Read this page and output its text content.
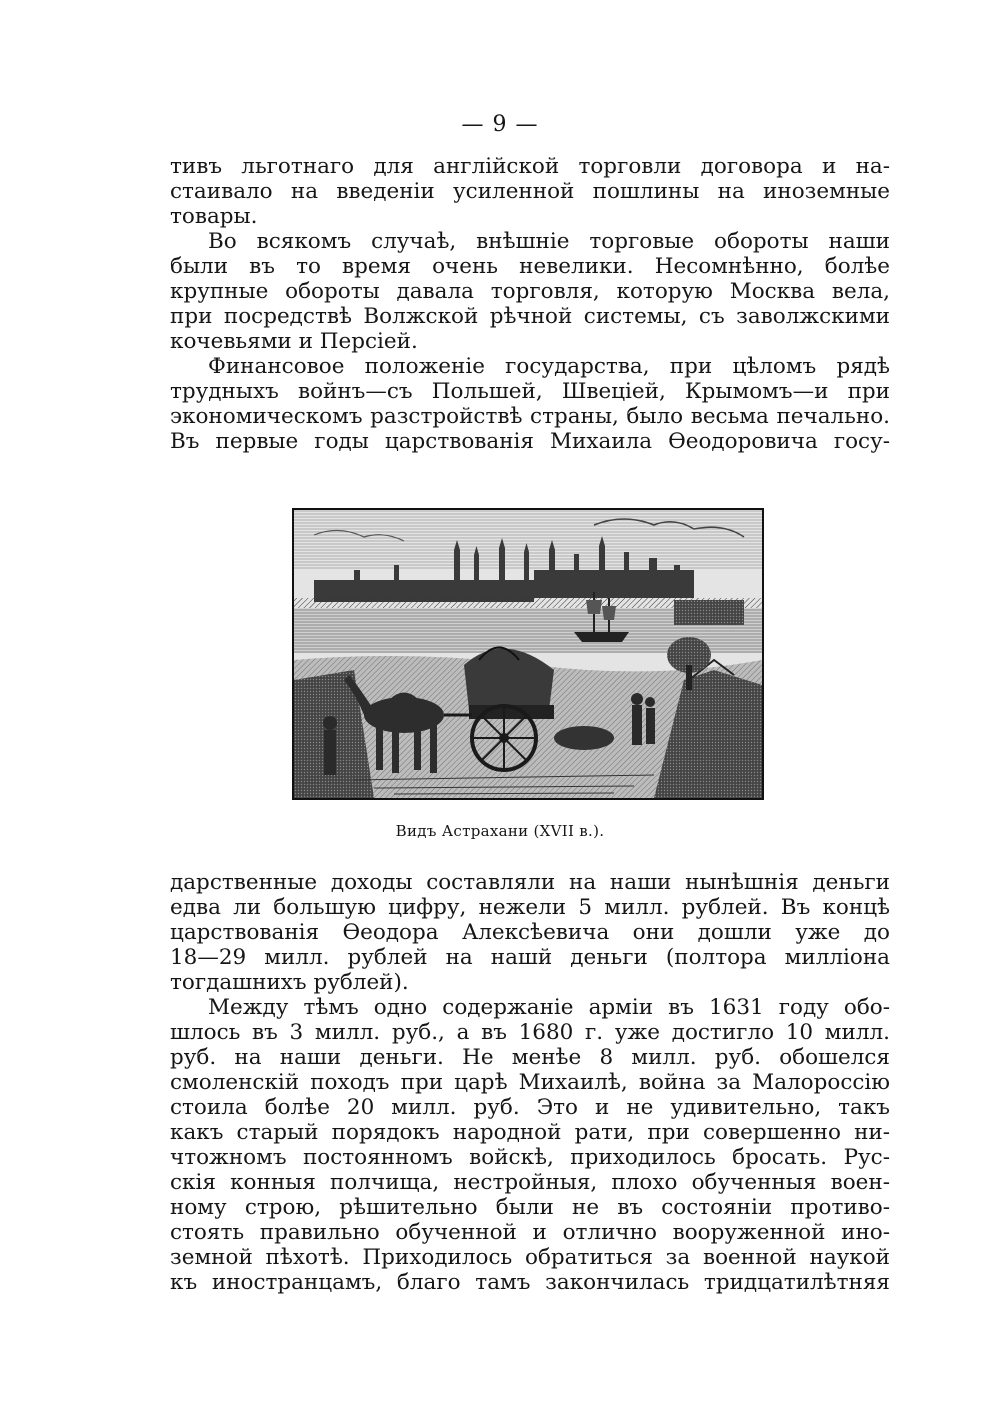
— 9 —
тивъ льготнаго для англійской торговли договора и на-
стаивало на введеніи усиленной пошлины на иноземные
товары.
Во всякомъ случаѣ, внѣшніе торговые обороты наши
были въ то время очень невелики. Несомнѣнно, болѣе
крупные обороты давала торговля, которую Москва вела,
при посредствѣ Волжской рѣчной системы, съ заволжскими
кочевьями и Персіей.
Финансовое положеніе государства, при цѣломъ рядѣ
трудныхъ войнъ—съ Польшей, Швеціей, Крымомъ—и при
экономическомъ разстройствѣ страны, было весьма печально.
Въ первые годы царствованія Михаила Ѳеодоровича госу-
Видъ Астрахани (XVII в.).
дарственные доходы составляли на наши нынѣшнія деньги
едва ли большую цифру, нежели 5 милл. рублей. Въ концѣ
царствованія Ѳеодора Алексѣевича они дошли уже до
18—29 милл. рублей на нашй деньги (полтора милліона
тогдашнихъ рублей).
Между тѣмъ одно содержаніе арміи въ 1631 году обо-
шлось въ 3 милл. руб., а въ 1680 г. уже достигло 10 милл.
руб. на наши деньги. Не менѣе 8 милл. руб. обошелся
смоленскій походъ при царѣ Михаилѣ, война за Малороссію
стоила болѣе 20 милл. руб. Это и не удивительно, такъ
какъ старый порядокъ народной рати, при совершенно ни-
чтожномъ постоянномъ войскѣ, приходилось бросать. Рус-
скія конныя полчища, нестройныя, плохо обученныя воен-
ному строю, рѣшительно были не въ состояніи противо-
стоять правильно обученной и отлично вооруженной ино-
земной пѣхотѣ. Приходилось обратиться за военной наукой
къ иностранцамъ, благо тамъ закончилась тридцатилѣтняя
